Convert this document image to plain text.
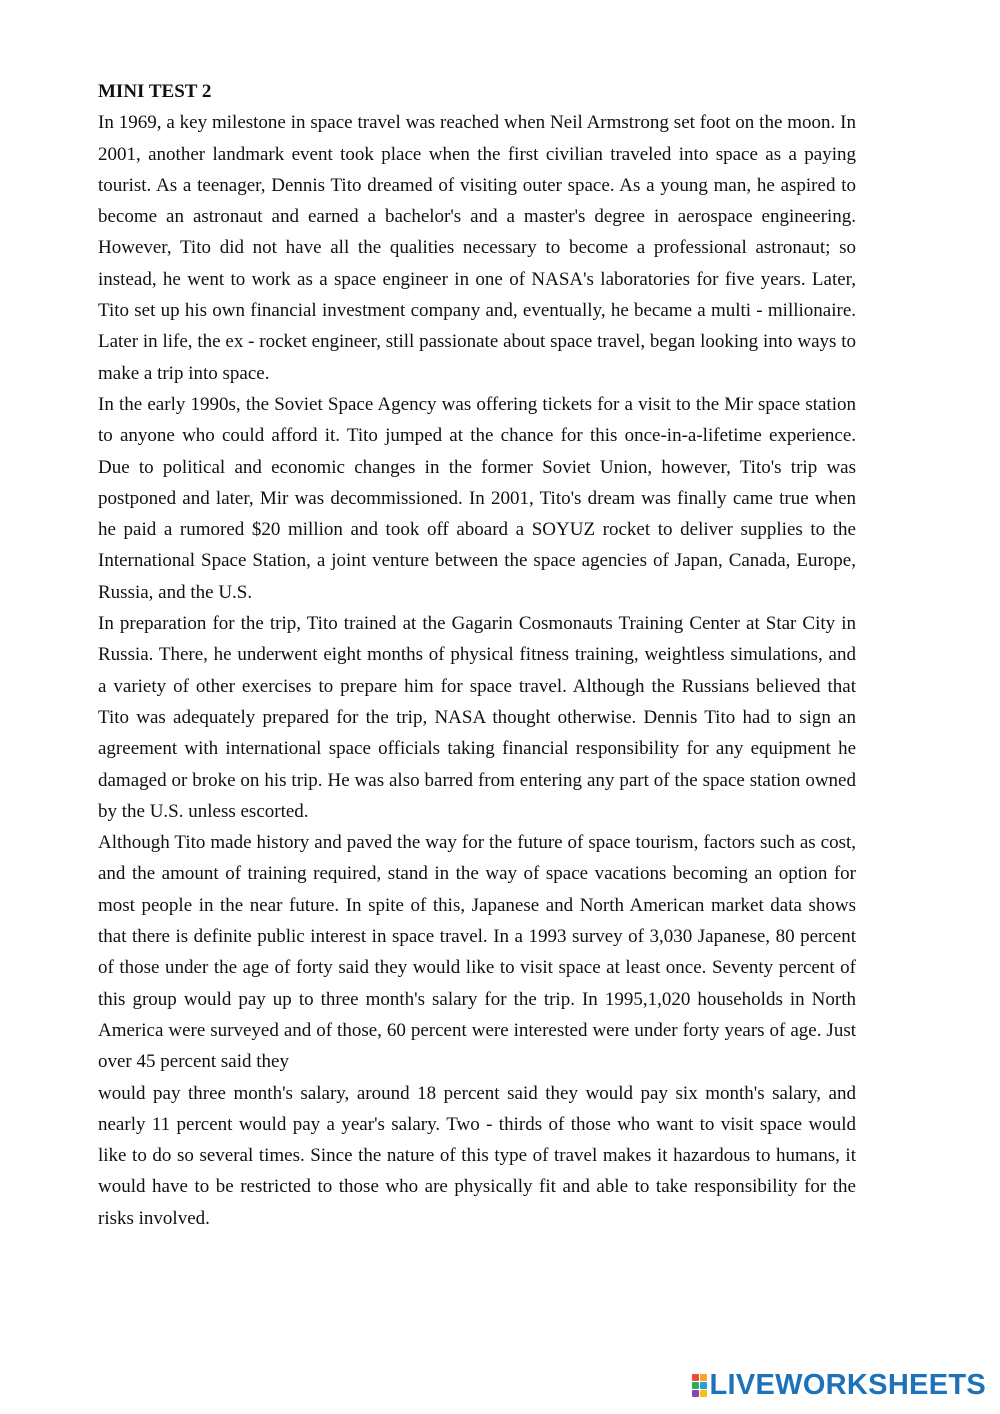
MINI TEST 2

In 1969, a key milestone in space travel was reached when Neil Armstrong set foot on the moon. In 2001, another landmark event took place when the first civilian traveled into space as a paying tourist. As a teenager, Dennis Tito dreamed of visiting outer space. As a young man, he aspired to become an astronaut and earned a bachelor's and a master's degree in aerospace engineering. However, Tito did not have all the qualities necessary to become a professional astronaut; so instead, he went to work as a space engineer in one of NASA's laboratories for five years. Later, Tito set up his own financial investment company and, eventually, he became a multi - millionaire. Later in life, the ex - rocket engineer, still passionate about space travel, began looking into ways to make a trip into space.

In the early 1990s, the Soviet Space Agency was offering tickets for a visit to the Mir space station to anyone who could afford it. Tito jumped at the chance for this once-in-a-lifetime experience. Due to political and economic changes in the former Soviet Union, however, Tito's trip was postponed and later, Mir was decommissioned. In 2001, Tito's dream was finally came true when he paid a rumored $20 million and took off aboard a SOYUZ rocket to deliver supplies to the International Space Station, a joint venture between the space agencies of Japan, Canada, Europe, Russia, and the U.S.

In preparation for the trip, Tito trained at the Gagarin Cosmonauts Training Center at Star City in Russia. There, he underwent eight months of physical fitness training, weightless simulations, and a variety of other exercises to prepare him for space travel. Although the Russians believed that Tito was adequately prepared for the trip, NASA thought otherwise. Dennis Tito had to sign an agreement with international space officials taking financial responsibility for any equipment he damaged or broke on his trip. He was also barred from entering any part of the space station owned by the U.S. unless escorted.

Although Tito made history and paved the way for the future of space tourism, factors such as cost, and the amount of training required, stand in the way of space vacations becoming an option for most people in the near future. In spite of this, Japanese and North American market data shows that there is definite public interest in space travel. In a 1993 survey of 3,030 Japanese, 80 percent of those under the age of forty said they would like to visit space at least once. Seventy percent of this group would pay up to three month's salary for the trip. In 1995,1,020 households in North America were surveyed and of those, 60 percent were interested were under forty years of age. Just over 45 percent said they

would pay three month's salary, around 18 percent said they would pay six month's salary, and nearly 11 percent would pay a year's salary. Two - thirds of those who want to visit space would like to do so several times. Since the nature of this type of travel makes it hazardous to humans, it would have to be restricted to those who are physically fit and able to take responsibility for the risks involved.

LIVEWORKSHEETS
